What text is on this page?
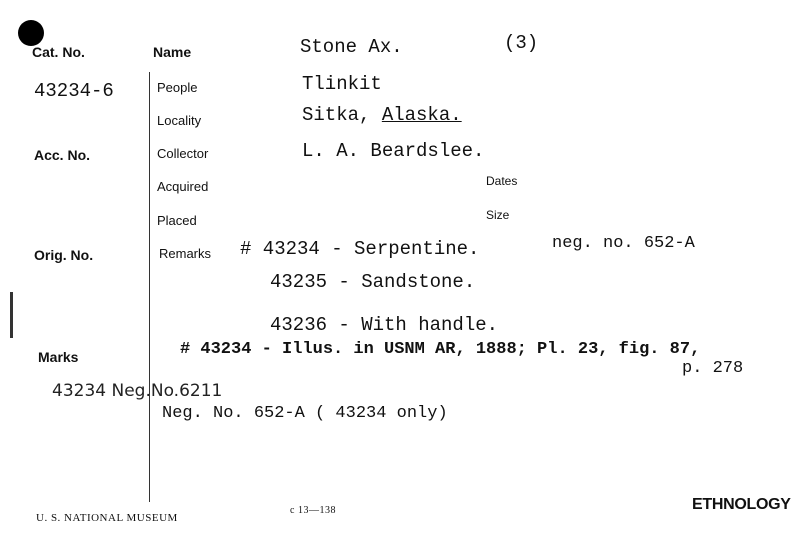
Cat. No.
43234-6
Acc. No.
Orig. No.
Marks
Name
People
Locality
Collector
Acquired
Placed
Remarks
Dates
Size
Stone Ax.	(3)
Tlinkit
Sitka, Alaska.
L. A. Beardslee.
neg. no. 652-A
# 43234 - Serpentine.
43235 - Sandstone.
43236 - With handle.
# 43234 - Illus. in USNM AR, 1888; Pl. 23, fig. 87,
p. 278
43234 Neg.No.6211
Neg. No. 652-A ( 43234 only)
U. S. NATIONAL MUSEUM
c 13—138	ETHNOLOGY
